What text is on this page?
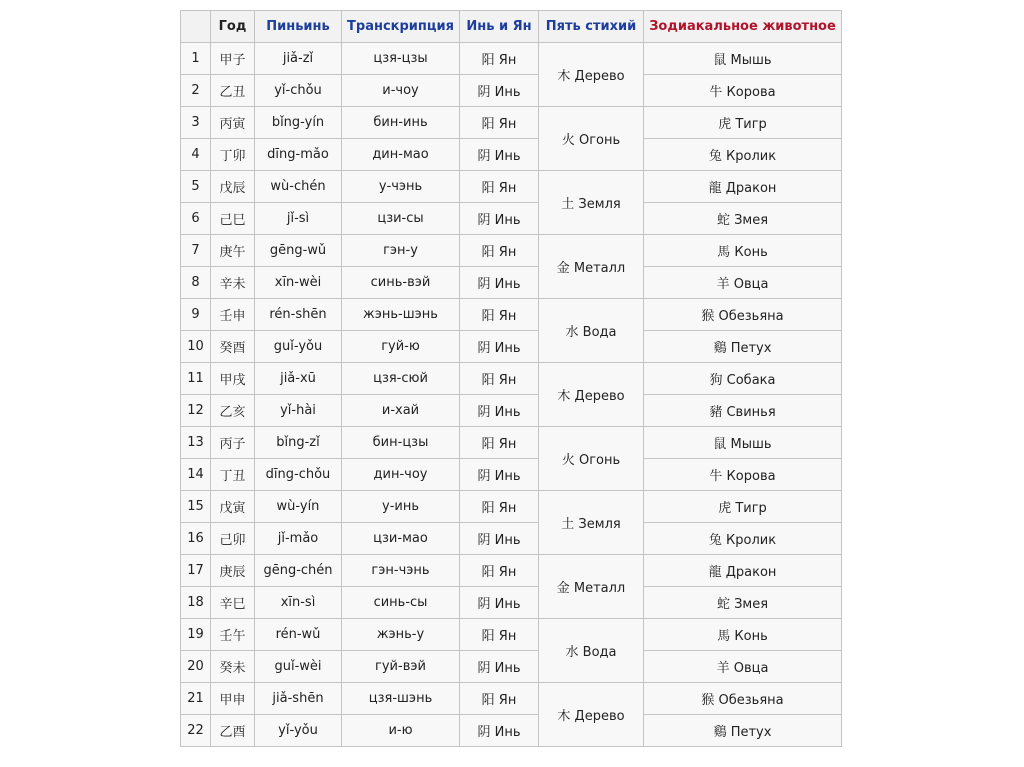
	Год	Пиньинь	Транскрипция	Инь и Ян	Пять стихий	Зодиакальное животное
1	甲子	jiǎ-zǐ	цзя-цзы	阳 Ян	木 Дерево	鼠 Мышь
2	乙丑	yǐ-chǒu	и-чоу	阴 Инь		牛 Корова
3	丙寅	bǐng-yín	бин-инь	阳 Ян	火 Огонь	虎 Тигр
4	丁卯	dīng-mǎo	дин-мао	阴 Инь		兔 Кролик
5	戊辰	wù-chén	у-чэнь	阳 Ян	土 Земля	龍 Дракон
6	己巳	jǐ-sì	цзи-сы	阴 Инь		蛇 Змея
7	庚午	gēng-wǔ	гэн-у	阳 Ян	金 Металл	馬 Конь
8	辛未	xīn-wèi	синь-вэй	阴 Инь		羊 Овца
9	壬申	rén-shēn	жэнь-шэнь	阳 Ян	水 Вода	猴 Обезьяна
10	癸酉	guǐ-yǒu	гуй-ю	阴 Инь		鷄 Петух
11	甲戌	jiǎ-xū	цзя-сюй	阳 Ян	木 Дерево	狗 Собака
12	乙亥	yǐ-hài	и-хай	阴 Инь		豬 Свинья
13	丙子	bǐng-zǐ	бин-цзы	阳 Ян	火 Огонь	鼠 Мышь
14	丁丑	dīng-chǒu	дин-чоу	阴 Инь		牛 Корова
15	戊寅	wù-yín	у-инь	阳 Ян	土 Земля	虎 Тигр
16	己卯	jǐ-mǎo	цзи-мао	阴 Инь		兔 Кролик
17	庚辰	gēng-chén	гэн-чэнь	阳 Ян	金 Металл	龍 Дракон
18	辛巳	xīn-sì	синь-сы	阴 Инь		蛇 Змея
19	壬午	rén-wǔ	жэнь-у	阳 Ян	水 Вода	馬 Конь
20	癸未	guǐ-wèi	гуй-вэй	阴 Инь		羊 Овца
21	甲申	jiǎ-shēn	цзя-шэнь	阳 Ян	木 Дерево	猴 Обезьяна
22	乙酉	yǐ-yǒu	и-ю	阴 Инь		鷄 Петух
